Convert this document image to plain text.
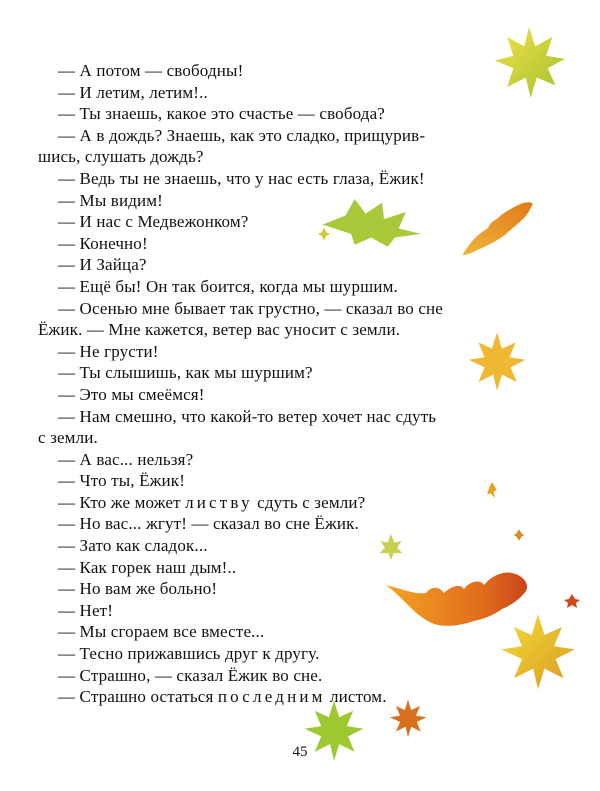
— А потом — свободны!
— И летим, летим!..
— Ты знаешь, какое это счастье — свобода?
— А в дождь? Знаешь, как это сладко, прищурив-
шись, слушать дождь?
— Ведь ты не знаешь, что у нас есть глаза, Ёжик!
— Мы видим!
— И нас с Медвежонком?
— Конечно!
— И Зайца?
— Ещё бы! Он так боится, когда мы шуршим.
— Осенью мне бывает так грустно, — сказал во сне
Ёжик. — Мне кажется, ветер вас уносит с земли.
— Не грусти!
— Ты слышишь, как мы шуршим?
— Это мы смеёмся!
— Нам смешно, что какой-то ветер хочет нас сдуть
с земли.
— А вас... нельзя?
— Что ты, Ёжик!
— Кто же может листву сдуть с земли?
— Но вас... жгут! — сказал во сне Ёжик.
— Зато как сладок...
— Как горек наш дым!..
— Но вам же больно!
— Нет!
— Мы сгораем все вместе...
— Тесно прижавшись друг к другу.
— Страшно, — сказал Ёжик во сне.
— Страшно остаться последним листом.
45
